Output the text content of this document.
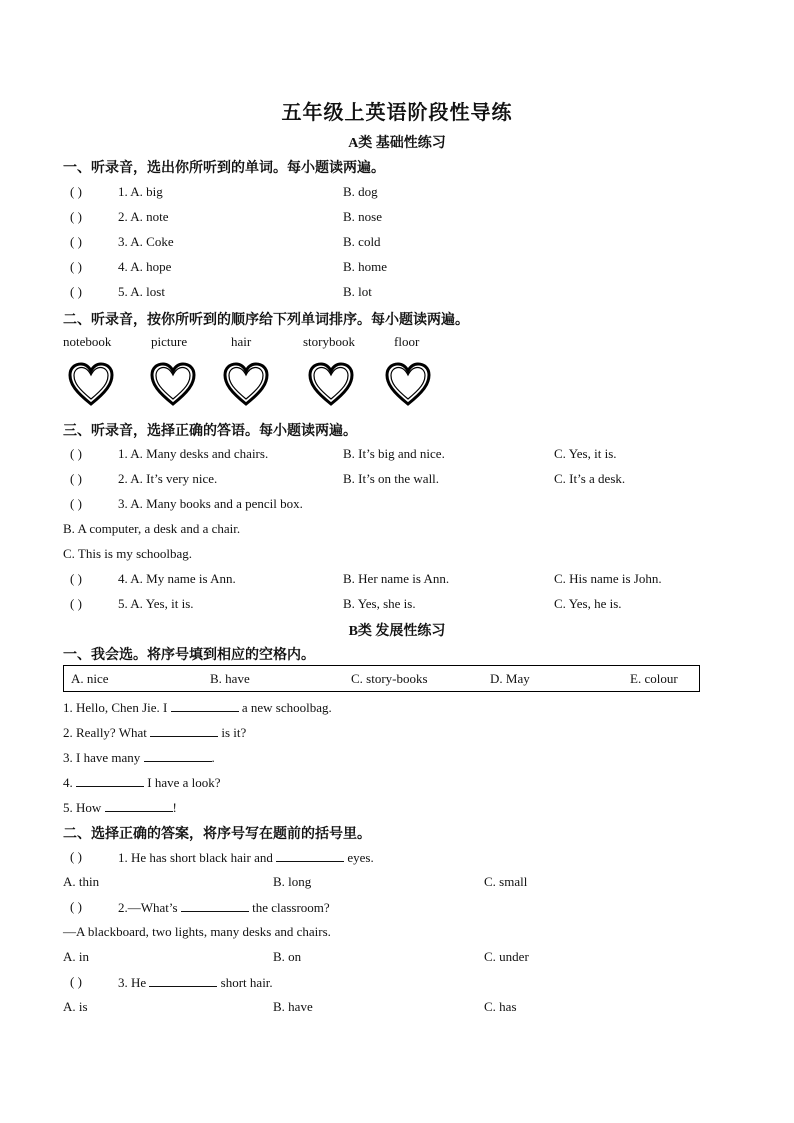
五年级上英语阶段性导练
A类 基础性练习
一、听录音，选出你所听到的单词。每小题读两遍。
( )	1. A. big	B. dog
( )	2. A. note	B. nose
( )	3. A. Coke	B. cold
( )	4. A. hope	B. home
( )	5. A. lost	B. lot
二、听录音，按你所听到的顺序给下列单词排序。每小题读两遍。
notebook	picture	hair	storybook	floor
三、听录音，选择正确的答语。每小题读两遍。
( )	1. A. Many desks and chairs.	B. It’s big and nice.	C. Yes, it is.
( )	2. A. It’s very nice.	B. It’s on the wall.	C. It’s a desk.
( )	3. A. Many books and a pencil box.
B. A computer, a desk and a chair.
C. This is my schoolbag.
( )	4. A. My name is Ann.	B. Her name is Ann.	C. His name is John.
( )	5. A. Yes, it is.	B. Yes, she is.	C. Yes, he is.
B类 发展性练习
一、我会选。将序号填到相应的空格内。
A. nice	B. have	C. story-books	D. May	E. colour
1. Hello, Chen Jie. I	a new schoolbag.
2. Really? What	is it?
3. I have many	.
4.	I have a look?
5. How	!
二、选择正确的答案，将序号写在题前的括号里。
( )	1. He has short black hair and	eyes.
A. thin	B. long	C. small
( )	2.—What’s	the classroom?
—A blackboard, two lights, many desks and chairs.
A. in	B. on	C. under
( )	3. He	short hair.
A. is	B. have	C. has
